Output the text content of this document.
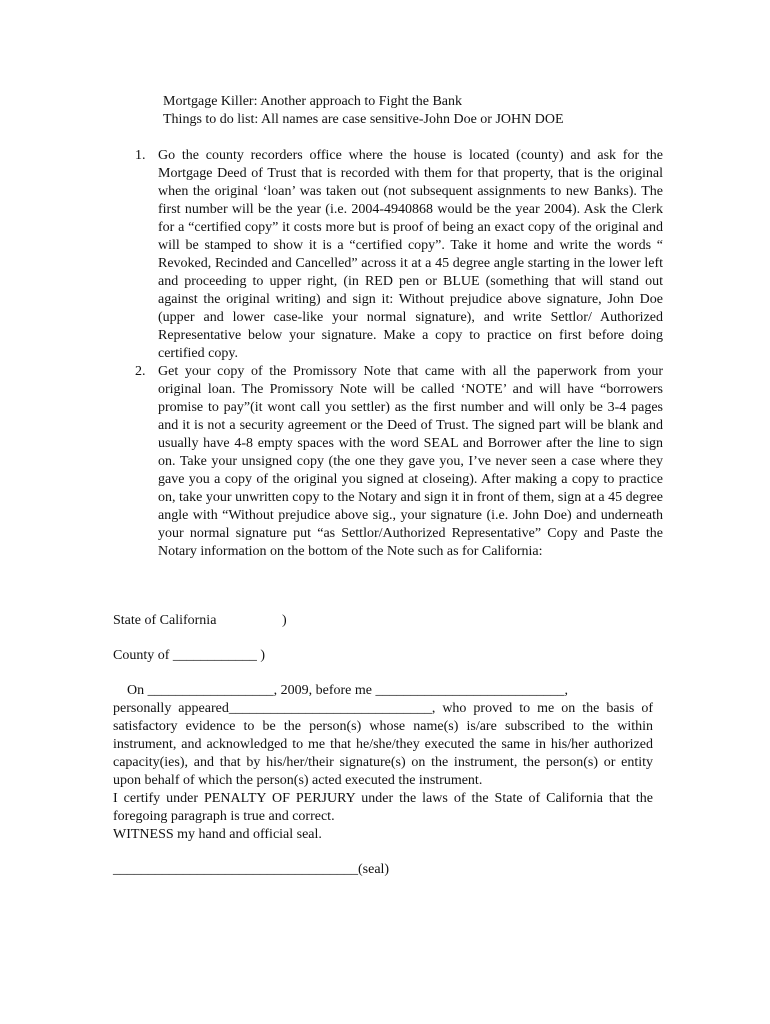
Mortgage Killer: Another approach to Fight the Bank
Things to do list: All names are case sensitive-John Doe or JOHN DOE
1. Go the county recorders office where the house is located (county) and ask for the Mortgage Deed of Trust that is recorded with them for that property, that is the original when the original ‘loan’ was taken out (not subsequent assignments to new Banks). The first number will be the year (i.e. 2004-4940868 would be the year 2004). Ask the Clerk for a “certified copy” it costs more but is proof of being an exact copy of the original and will be stamped to show it is a “certified copy”. Take it home and write the words “ Revoked, Recinded and Cancelled” across it at a 45 degree angle starting in the lower left and proceeding to upper right, (in RED pen or BLUE (something that will stand out against the original writing) and sign it: Without prejudice above signature, John Doe (upper and lower case-like your normal signature), and write Settlor/ Authorized Representative below your signature. Make a copy to practice on first before doing certified copy.
2. Get your copy of the Promissory Note that came with all the paperwork from your original loan. The Promissory Note will be called ‘NOTE’ and will have “borrowers promise to pay”(it wont call you settler) as the first number and will only be 3-4 pages and it is not a security agreement or the Deed of Trust. The signed part will be blank and usually have 4-8 empty spaces with the word SEAL and Borrower after the line to sign on. Take your unsigned copy (the one they gave you, I’ve never seen a case where they gave you a copy of the original you signed at closeing). After making a copy to practice on, take your unwritten copy to the Notary and sign it in front of them, sign at a 45 degree angle with “Without prejudice above sig., your signature (i.e. John Doe) and underneath your normal signature put “as Settlor/Authorized Representative” Copy and Paste the Notary information on the bottom of the Note such as for California:
State of California	)
County of ____________ )
On __________________, 2009, before me ___________________________,
personally appeared_____________________________, who proved to me on the basis of satisfactory evidence to be the person(s) whose name(s) is/are subscribed to the within instrument, and acknowledged to me that he/she/they executed the same in his/her authorized capacity(ies), and that by his/her/their signature(s) on the instrument, the person(s) or entity upon behalf of which the person(s) acted executed the instrument.
I certify under PENALTY OF PERJURY under the laws of the State of California that the foregoing paragraph is true and correct.
WITNESS my hand and official seal.
___________________________________(seal)
